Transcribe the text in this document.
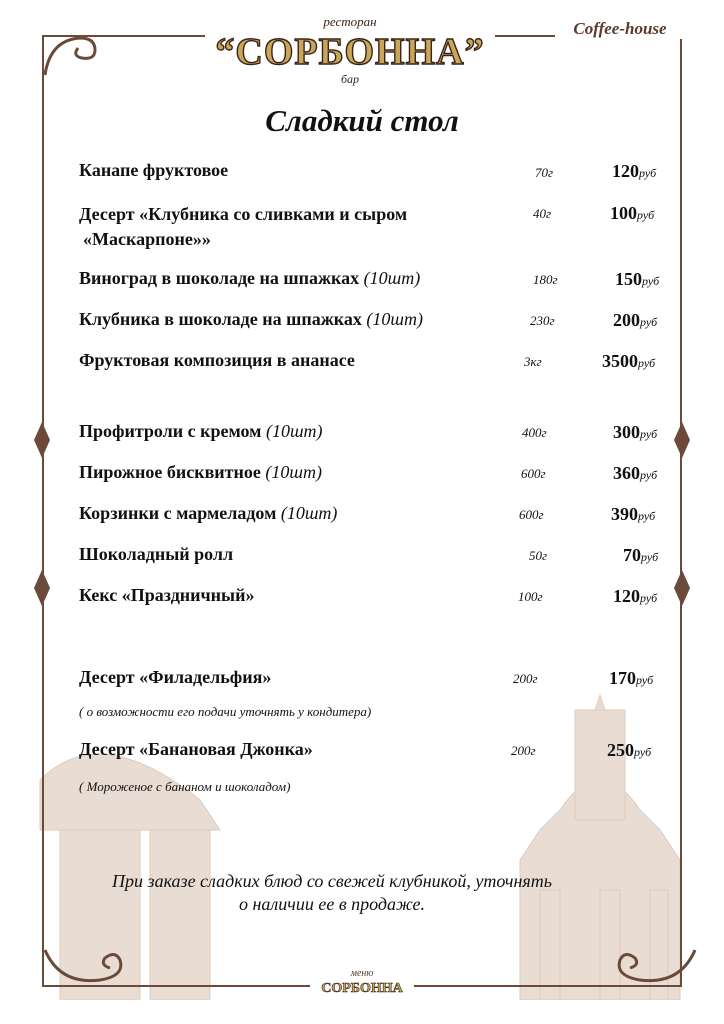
ресторан
“СОРБОННА”
бар
Coffee-house
Сладкий стол
Канапе фруктовое	70г	120руб
Десерт «Клубника со сливками и сыром
«Маскарпоне»»
40г	100руб
Виноград в шоколаде на шпажках (10шт)	180г	150руб
Клубника в шоколаде на шпажках (10шт)	230г	200руб
Фруктовая композиция в ананасе	3кг	3500руб
Профитроли с кремом (10шт)	400г	300руб
Пирожное бисквитное (10шт)	600г	360руб
Корзинки с мармеладом (10шт)	600г	390руб
Шоколадный ролл	50г	70руб
Кекс «Праздничный»	100г	120руб
Десерт «Филадельфия»	200г	170руб
( о возможности его подачи уточнять у кондитера)
Десерт «Банановая Джонка»	200г	250руб
( Мороженое с бананом и шоколадом)
При заказе сладких блюд со свежей клубникой, уточнять
о наличии ее в продаже.
меню
СОРБОННА
